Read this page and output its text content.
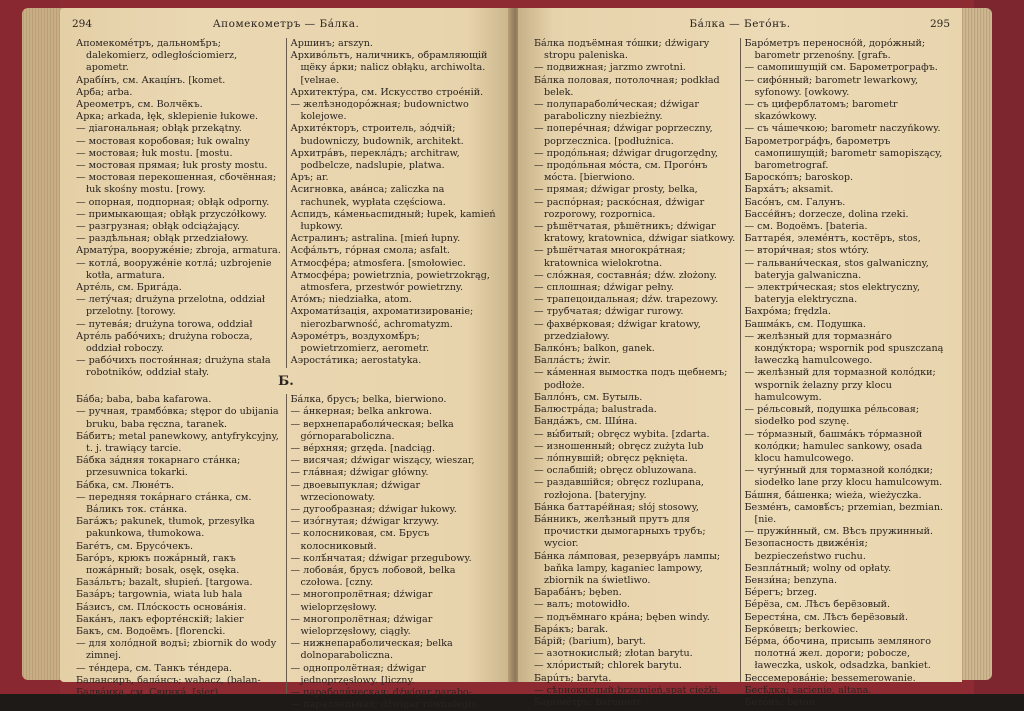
294	Апомекометръ — Бáлка.

Апомекомéтръ, дальномѣ́ръ; dalekomierz, odległościomierz, apometr.

Арабíнъ, см. Акацíнъ. [komet.

Арба; arba.

Ареометръ, см. Волчёкъ.

Арка; arkada, łęk, sklepienie łukowe.

— діагональная; obłąk przekątny.

— мостовая коробовая; łuk owalny

— мостовая; łuk mostu. [mostu.

— мостовая прямая; łuk prosty mostu.

— мостовая перекошенная, сбочённая; łuk skośny mostu. [rowy.

— опорная, подпорная; obłąk odporny.

— примыкающая; obłąk przyczółkowy.

— разгрузная; obłąk odciążający.

— раздѣльная; obłąk przedziałowy.

Арматýра, вооружéніе; zbroja, armatura.

— котлá, вооружéніе котлá; uzbrojenie kotła, armatura.

Артéль, см. Бригáда.

— летýчая; drużyna przelotna, oddział przelotny. [torowy.

— путевáя; drużyna torowa, oddział

Артéль рабóчихъ; drużyna robocza, oddział roboczy.

— рабóчихъ постоя́нная; drużyna stała robotników, oddział stały.

Аршинъ; arszyn.

Архивóльтъ, наличникъ, обрамляющій щёку áрки; nalicz obłąku, archiwolta. [velнaе.

Архитектýра, см. Искусство строéній.

— желѣзнодорóжная; budownictwo kolejowe.

Архитéкторъ, строитель, зóдчій; budowniczy, budownik, architekt.

Архитрáвъ, перекла́дъ; architraw, podbelcze, nadslupie, platwa.

Аръ; ar.

Асигновка, авáнса; zaliczka na rachunek, wypłata częściowa.

Аспидъ, кáменьаспидный; łupek, kamień łupkowy.

Астралинъ; astralina. [mień łupny.

Асфáльтъ, гóрная смола; asfalt.

Атмосфéра; atmosfera. [smołowiec.

Атмосфéра; powietrznia, powietrzokrąg, atmosfera, przestwór powietrzny.

Атóмъ; niedziałka, atom.

Ахромати́зація, ахроматизированіе; nierozbarwność, achromatyzm.

Аэромéтръ, воздухомѣ́ръ; powietrzomierz, aerometr.

Аэростáтика; aerostatyka.

Б.

Бáба; baba, baba kafarowa.

— ручная, трамбóвка; stępor do ubijania bruku, baba ręczna, taranek.

Бáбитъ; metal panewkowy, antyfrykcyjny, t. j. trawiący tarcie.

Бáбка за́дняя токарнаго стáнка; przesuwnica tokarki.

Бáбка, см. Люнéтъ.

— передняя токáрнаго стáнка, см. Вáликъ ток. стáнка.

Багáжъ; pakunek, tłumok, przesyłka pakunkowa, tłumokowa.

Багéтъ, см. Брусóчекъ.

Багóръ, крюкъ пожáрный, гакъ пожáрный; bosak, osęk, osęka.

Базáльтъ; bazalt, słupień. [targowa.

Базáръ; targownia, wiata lub hala

Бáзисъ, см. Плóскость основáнія.

Бакáнъ, лакъ ефорте́нскій; lakier

Бакъ, см. Водоёмъ. [florencki.

— для холóдной водъі; zbiornik do wody zimnej.

— тéндера, см. Танкъ тéндера.

Балансиръ, балáнсъ; wahacz, (balan-

Балвáнка, см. Свинкá. [sier).

Бáлка, брусъ; belka, bierwiono.

— áнкерная; belka ankrowa.

— верхнепараболи́ческая; belka górnoparaboliczna.

— вéрхняя; grzęda. [nadciąg.

— висячая; dźwigar wiszący, wieszar,

— глáвная; dźwigar główny.

— двоевыпуклая; dźwigar wrzecionowaty.

— дугообразная; dźwigar łukowy.

— изóгнутая; dźwigar krzywy.

— колосниковая, см. Брусъ колосниковый.

— колѣ́нчатая; dźwigar przegubowy.

— лобовáя, брусъ лобовой, belka czołowa. [czny.

— многопролётная; dźwigar wieloprzęsłowy.

— многопролётная; dźwigar wieloprzęsłowy, ciągły.

— нижнепараболическая; belka dolnoparaboliczna.

— однопролётная; dźwigar jednoprzęsłowy. [liczny.

— параболи́ческая; dźwigar parabo-

— параллéльная; dźwigar równoległy.

Бáлка — Бетóнъ.	295

Бáлка подъёмная тóшки; dźwigary stropu paleniska.

— подвижная; jarzmo zwrotni.

Бáлка половая, потолочная; podkład belek.

— полупараболи́ческая; dźwigar paraboliczny niezbieżny.

— поперéчная; dźwigar poprzeczny, poprzecznica. [podłużnica.

— продóльная; dźwigar drugorzędny,

— продóльная мóста, см. Прогóнъ мóста. [bierwiono.

— прямая; dźwigar prosty, belka,

— распóрная; раскóсная, dźwigar rozporowy, rozpornica.

— рѣшётчатая, рѣшётникъ; dźwigar kratowy, kratownica, dźwigar siatkowy.

— рѣшётчатая многокрáтная; kratownica wielokrotna.

— слóжная, составнáя; dźw. złożony.

— сплошная; dźwigar pełny.

— трапецоидальная; dźw. trapezowy.

— трубчатая; dźwigar rurowy.

— фахвéрковая; dźwigar kratowy, przedziałowy.

Балкóнъ; balkon, ganek.

Баллáстъ; żwir.

— кáменная вымостка подъ щебнемъ; podłoże.

Баллóнъ, см. Бутыль.

Балюстрáда; balustrada.

Бандáжъ, см. Ши́на.

— вы́битый; obręcz wybita. [zdarta.

— изношенный; obręcz zużyta lub

— лóпнувшій; obręcz pęknięta.

— ослабшій; obręcz obluzowana.

— раздавшійся; obręcz rozlupana, rozłojona. [bateryjny.

Бáнка баттарéйная; słój stosowy,

Бáнникъ, желѣзный прутъ для прочистки дымогарныхъ трубъ; wycior.

Бáнка лáмповая, резервуáръ лампы; baňka lampy, kaganiec lampowy, zbiornik na świetliwo.

Барабáнъ; bęben.

— валъ; motowidło.

— подъёмнаго крáна; bęben windy.

Барáкъ; barak.

Бáрій; (barium), baryt.

— азотнокислый; złotan barytu.

— хлóристый; chlorek barytu.

Барúтъ; baryta.

— сѣрнокислый;brzemień,spat ciężki.

Баромéтръ; barometr.

Барóметръ переноснóй, дорóжный; barometr przenośny. [grafъ.

— самопишущій см. Барометрографъ.

— сифóнный; barometr lewarkowy, syfonowy. [owkowy.

— съ циферблатомъ; barometr skazówkowy.

— съ чáшечкою; barometr naczyńkowy.

Барометрогрáфъ, барометръ самопишущій; barometr samopiszący, barometrograf.

Бароскóпъ; baroskop.

Бархáтъ; aksamit.

Басóнъ, см. Галунъ.

Бассéйнъ; dorzecze, dolina rzeki.

— см. Водоёмъ. [bateria.

Баттарéя, элемéнтъ, костёръ, stos,

— втори́чная; stos wtóry.

— гальвани́ческая, stos galwaniczny, bateryja galwaniczna.

— электри́ческая; stos elektryczny, bateryja elektryczna.

Бахрóма; frędzla.

Башмáкъ, см. Подушка.

— желѣзный для тормазнáго кондýктора; wspornik pod spuszczaną ławeczką hamulcowego.

— желѣзный для тормазной колóдки; wspornik żelazny przy klocu hamulcowym.

— рéльсовый, подушка рéльсовая; siodełko pod szynę.

— тóрмазный, башмáкъ тóрмазной колóдки; hamulec sankowy, osada klocu hamulcowego.

— чугýнный для тормазной колóдки; siodełko lane przy klocu hamulcowym.

Бáшня, бáшенка; wieża, wieżyczka.

Безмéнъ, самовѣ́съ; przemian, bezmian. [nie.

— пружи́нный, см. Вѣсъ пружинный.

Безопасность движéнія; bezpieczeństwo ruchu.

Безплáтный; wolny od opłaty.

Бензи́на; benzyna.

Бéрегъ; brzeg.

Бéрёза, см. Лѣсъ берёзовый.

Берестя́на, см. Лѣсъ берёзовый.

Беркóвецъ; berkowiec.

Бéрма, óбочина, присыпь земляного полотна́ жел. дороги; pobocze, ławeczka, uskok, odsadzka, bankiet.

Бессемеровáніе; bessemerowanie.

Бесѣ́дка; sacienie, altana.

Бетóнъ; beton.
